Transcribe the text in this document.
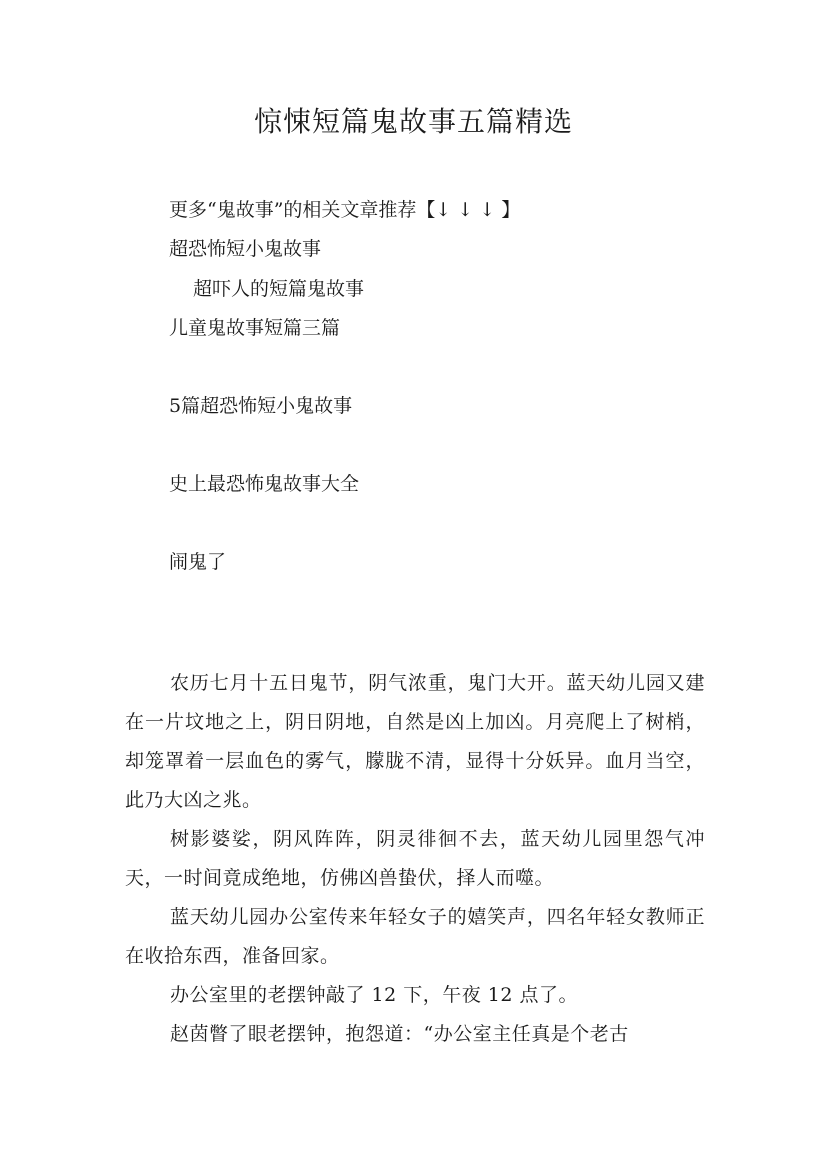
惊悚短篇鬼故事五篇精选

更多“鬼故事”的相关文章推荐【↓ ↓ ↓ 】

超恐怖短小鬼故事

超吓人的短篇鬼故事

儿童鬼故事短篇三篇

5篇超恐怖短小鬼故事

史上最恐怖鬼故事大全

闹鬼了

农历七月十五日鬼节，阴气浓重，鬼门大开。蓝天幼儿园又建在一片坟地之上，阴日阴地，自然是凶上加凶。月亮爬上了树梢，却笼罩着一层血色的雾气，朦胧不清，显得十分妖异。血月当空，此乃大凶之兆。

树影婆娑，阴风阵阵，阴灵徘徊不去，蓝天幼儿园里怨气冲天，一时间竟成绝地，仿佛凶兽蛰伏，择人而噬。

蓝天幼儿园办公室传来年轻女子的嬉笑声，四名年轻女教师正在收拾东西，准备回家。

办公室里的老摆钟敲了 12 下，午夜 12 点了。

赵茵瞥了眼老摆钟，抱怨道：“办公室主任真是个老古
